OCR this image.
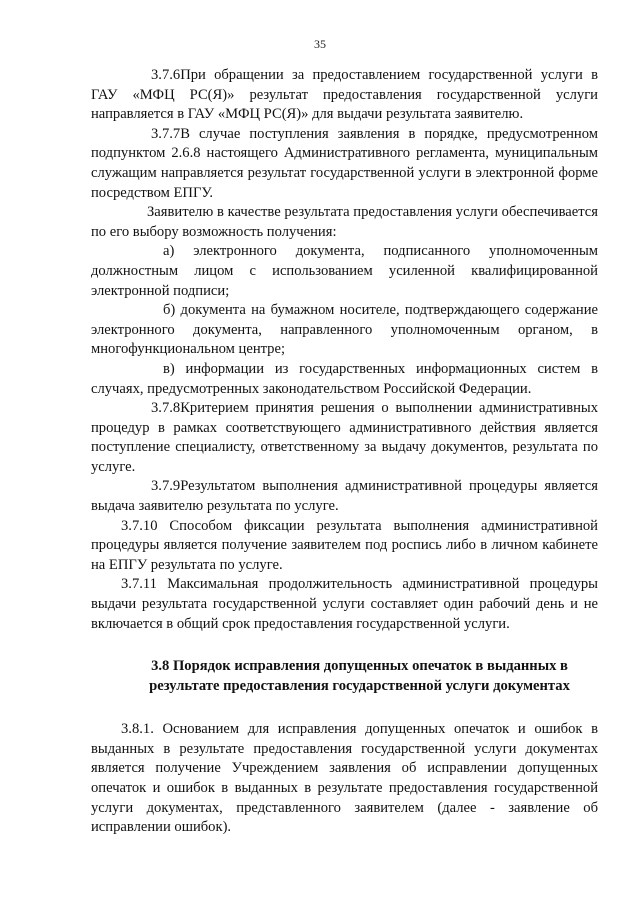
35

3.7.6При обращении за предоставлением государственной услуги в ГАУ «МФЦ РС(Я)» результат предоставления государственной услуги направляется в ГАУ «МФЦ РС(Я)» для выдачи результата заявителю.

3.7.7В случае поступления заявления в порядке, предусмотренном подпунктом 2.6.8 настоящего Административного регламента, муниципальным служащим направляется результат государственной услуги в электронной форме посредством ЕПГУ.

Заявителю в качестве результата предоставления услуги обеспечивается по его выбору возможность получения:

а) электронного документа, подписанного уполномоченным должностным лицом с использованием усиленной квалифицированной электронной подписи;

б) документа на бумажном носителе, подтверждающего содержание электронного документа, направленного уполномоченным органом, в многофункциональном центре;

в) информации из государственных информационных систем в случаях, предусмотренных законодательством Российской Федерации.

3.7.8Критерием принятия решения о выполнении административных процедур в рамках соответствующего административного действия является поступление специалисту, ответственному за выдачу документов, результата по услуге.

3.7.9Результатом выполнения административной процедуры является выдача заявителю результата по услуге.

3.7.10 Способом фиксации результата выполнения административной процедуры является получение заявителем под роспись либо в личном кабинете на ЕПГУ результата по услуге.

3.7.11 Максимальная продолжительность административной процедуры выдачи результата государственной услуги составляет один рабочий день и не включается в общий срок предоставления государственной услуги.

3.8 Порядок исправления допущенных опечаток в выданных в результате предоставления государственной услуги документах

3.8.1. Основанием для исправления допущенных опечаток и ошибок в выданных в результате предоставления государственной услуги документах является получение Учреждением заявления об исправлении допущенных опечаток и ошибок в выданных в результате предоставления государственной услуги документах, представленного заявителем (далее - заявление об исправлении ошибок).
